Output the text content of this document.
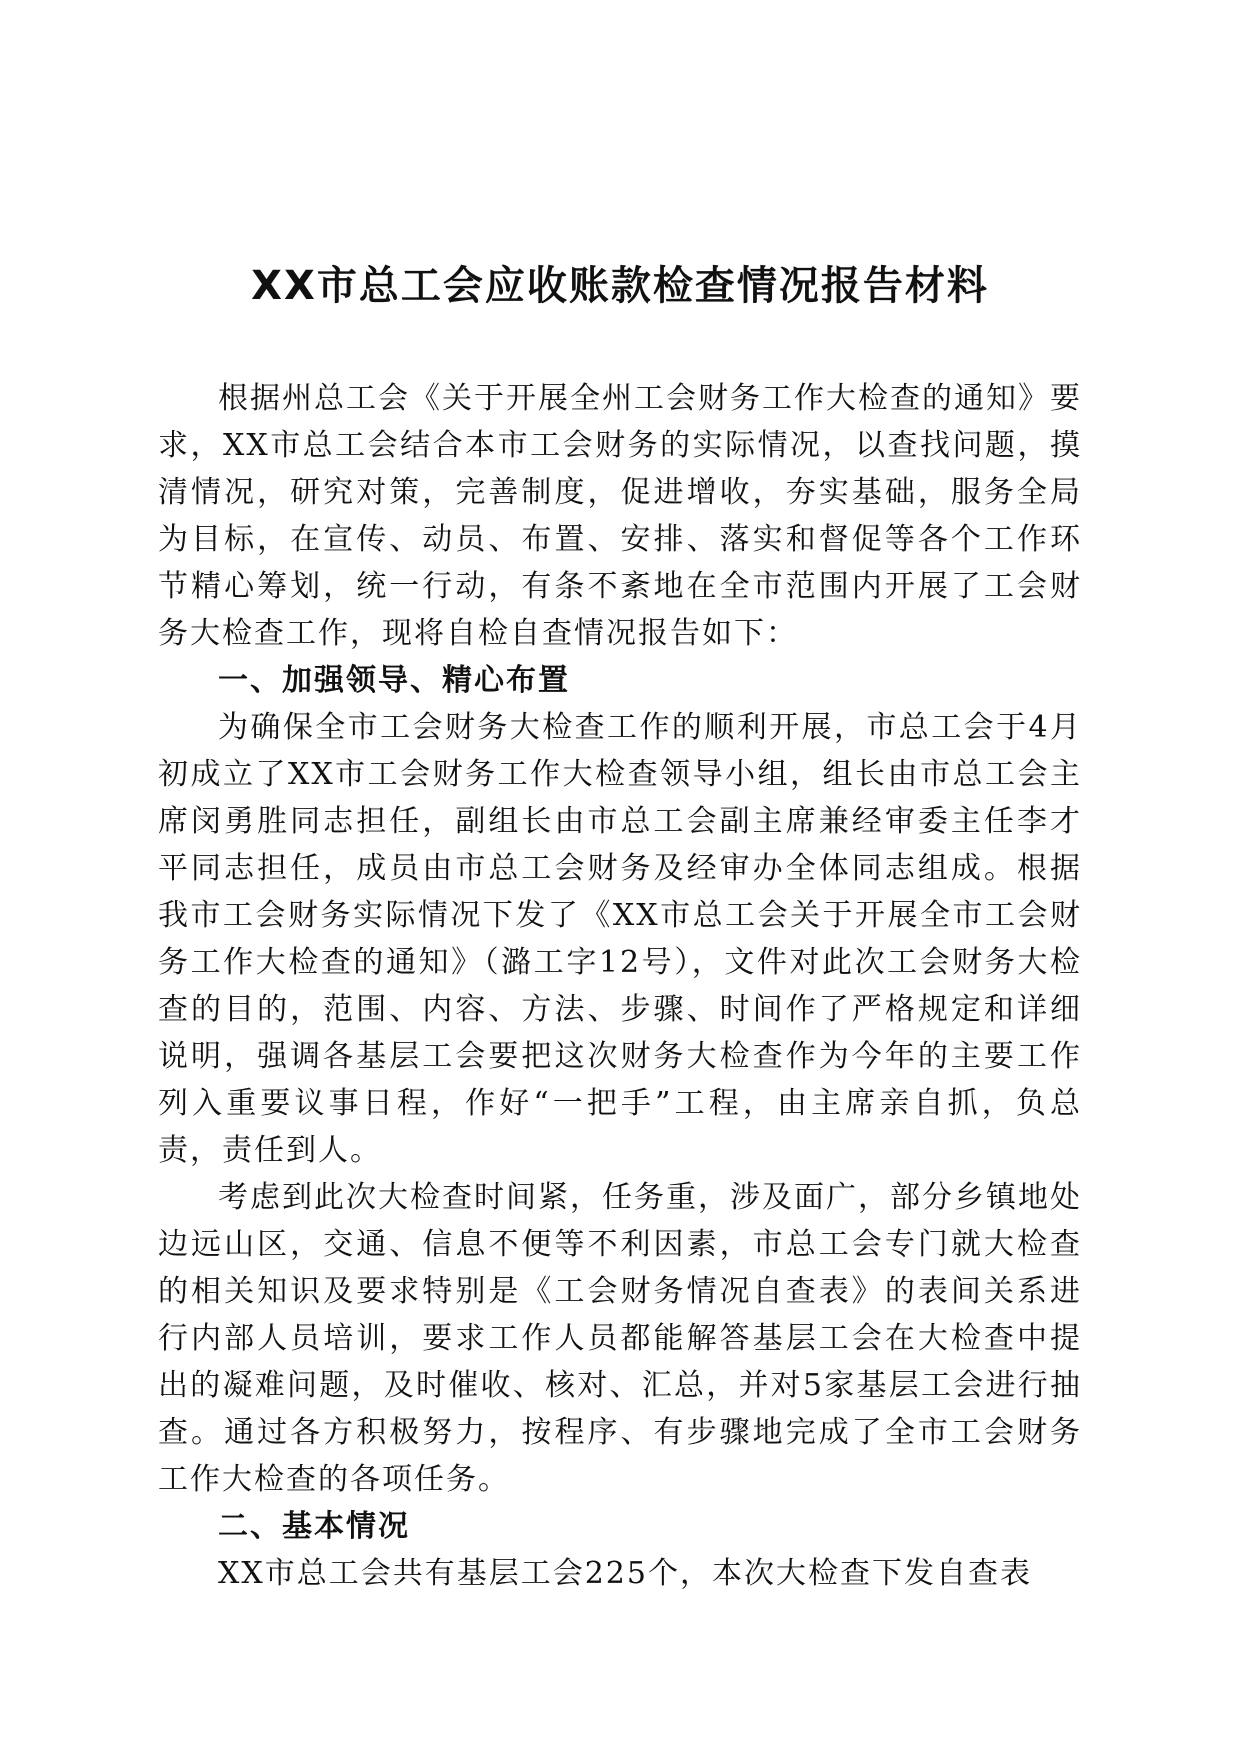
XX市总工会应收账款检查情况报告材料

根据州总工会《关于开展全州工会财务工作大检查的通知》要求，XX市总工会结合本市工会财务的实际情况，以查找问题，摸清情况，研究对策，完善制度，促进增收，夯实基础，服务全局为目标，在宣传、动员、布置、安排、落实和督促等各个工作环节精心筹划，统一行动，有条不紊地在全市范围内开展了工会财务大检查工作，现将自检自查情况报告如下：

一、加强领导、精心布置

为确保全市工会财务大检查工作的顺利开展，市总工会于4月初成立了XX市工会财务工作大检查领导小组，组长由市总工会主席闵勇胜同志担任，副组长由市总工会副主席兼经审委主任李才平同志担任，成员由市总工会财务及经审办全体同志组成。根据我市工会财务实际情况下发了《XX市总工会关于开展全市工会财务工作大检查的通知》（潞工字12号），文件对此次工会财务大检查的目的，范围、内容、方法、步骤、时间作了严格规定和详细说明，强调各基层工会要把这次财务大检查作为今年的主要工作列入重要议事日程，作好“一把手”工程，由主席亲自抓，负总责，责任到人。

考虑到此次大检查时间紧，任务重，涉及面广，部分乡镇地处边远山区，交通、信息不便等不利因素，市总工会专门就大检查的相关知识及要求特别是《工会财务情况自查表》的表间关系进行内部人员培训，要求工作人员都能解答基层工会在大检查中提出的凝难问题，及时催收、核对、汇总，并对5家基层工会进行抽查。通过各方积极努力，按程序、有步骤地完成了全市工会财务工作大检查的各项任务。

二、基本情况

XX市总工会共有基层工会225个，本次大检查下发自查表
